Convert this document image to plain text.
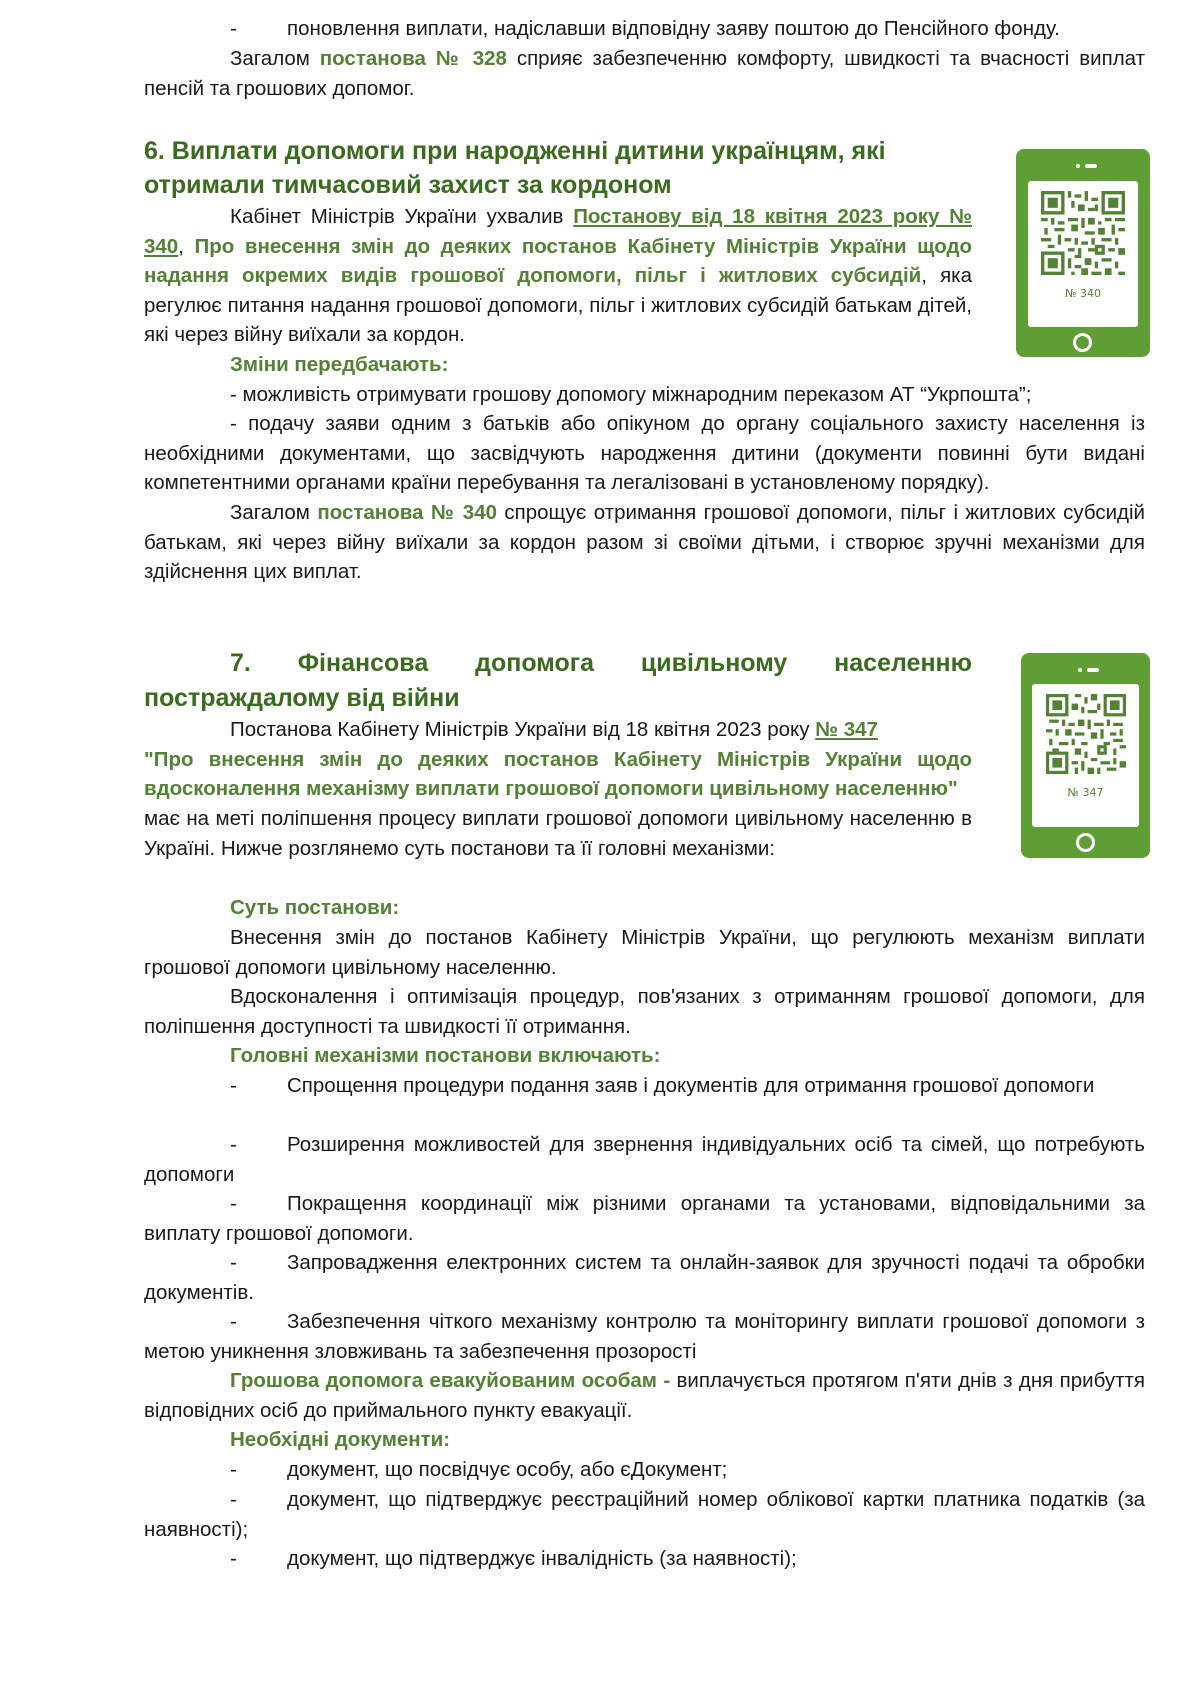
- поновлення виплати, надіславши відповідну заяву поштою до Пенсійного фонду.

Загалом постанова № 328 сприяє забезпеченню комфорту, швидкості та вчасності виплат пенсій та грошових допомог.

6. Виплати допомоги при народженні дитини українцям, які отримали тимчасовий захист за кордоном
№ 340

Кабінет Міністрів України ухвалив Постанову від 18 квітня 2023 року № 340, Про внесення змін до деяких постанов Кабінету Міністрів України щодо надання окремих видів грошової допомоги, пільг і житлових субсидій, яка регулює питання надання грошової допомоги, пільг і житлових субсидій батькам дітей, які через війну виїхали за кордон.

Зміни передбачають:

- можливість отримувати грошову допомогу міжнародним переказом АТ “Укрпошта”;

- подачу заяви одним з батьків або опікуном до органу соціального захисту населення із необхідними документами, що засвідчують народження дитини (документи повинні бути видані компетентними органами країни перебування та легалізовані в установленому порядку).

Загалом постанова № 340 спрощує отримання грошової допомоги, пільг і житлових субсидій батькам, які через війну виїхали за кордон разом зі своїми дітьми, і створює зручні механізми для здійснення цих виплат.

7. Фінансова допомога цивільному населенню
постраждалому від війни
№ 347

Постанова Кабінету Міністрів України від 18 квітня 2023 року № 347
"Про внесення змін до деяких постанов Кабінету Міністрів України щодо вдосконалення механізму виплати грошової допомоги цивільному населенню"

має на меті поліпшення процесу виплати грошової допомоги цивільному населенню в Україні. Нижче розглянемо суть постанови та її головні механізми:

Суть постанови:

Внесення змін до постанов Кабінету Міністрів України, що регулюють механізм виплати грошової допомоги цивільному населенню.

Вдосконалення і оптимізація процедур, пов'язаних з отриманням грошової допомоги, для поліпшення доступності та швидкості її отримання.

Головні механізми постанови включають:

-	Спрощення процедури подання заяв і документів для отримання грошової допомоги

-	Розширення можливостей для звернення індивідуальних осіб та сімей, що потребують допомоги

-	Покращення координації між різними органами та установами, відповідальними за виплату грошової допомоги.

-	Запровадження електронних систем та онлайн-заявок для зручності подачі та обробки документів.

-	Забезпечення чіткого механізму контролю та моніторингу виплати грошової допомоги з метою уникнення зловживань та забезпечення прозорості

Грошова допомога евакуйованим особам - виплачується протягом п'яти днів з дня прибуття відповідних осіб до приймального пункту евакуації.

Необхідні документи:

-	документ, що посвідчує особу, або єДокумент;

-	документ, що підтверджує реєстраційний номер облікової картки платника податків (за наявності);

-	документ, що підтверджує інвалідність (за наявності);
